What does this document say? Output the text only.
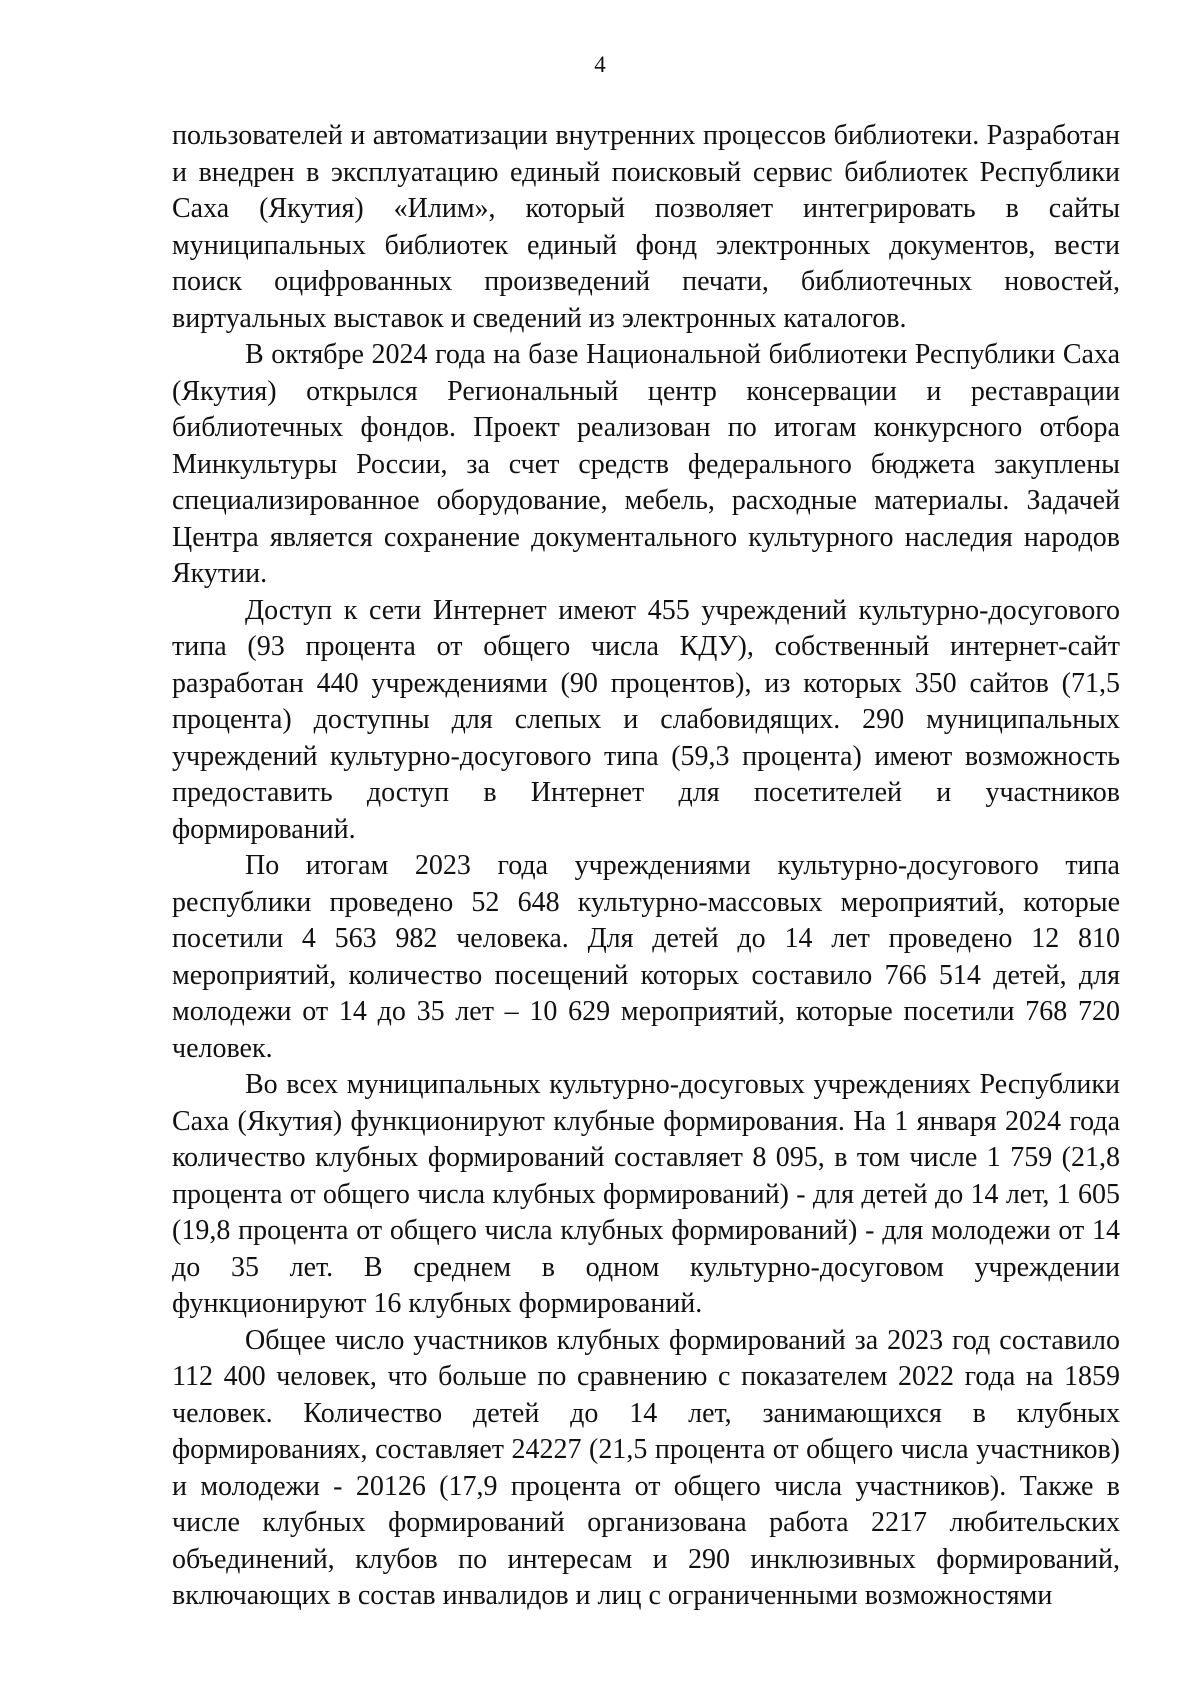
4

пользователей и автоматизации внутренних процессов библиотеки. Разработан и внедрен в эксплуатацию единый поисковый сервис библиотек Республики Саха (Якутия) «Илим», который позволяет интегрировать в сайты муниципальных библиотек единый фонд электронных документов, вести поиск оцифрованных произведений печати, библиотечных новостей, виртуальных выставок и сведений из электронных каталогов.

В октябре 2024 года на базе Национальной библиотеки Республики Саха (Якутия) открылся Региональный центр консервации и реставрации библиотечных фондов. Проект реализован по итогам конкурсного отбора Минкультуры России, за счет средств федерального бюджета закуплены специализированное оборудование, мебель, расходные материалы. Задачей Центра является сохранение документального культурного наследия народов Якутии.

Доступ к сети Интернет имеют 455 учреждений культурно-досугового типа (93 процента от общего числа КДУ), собственный интернет-сайт разработан 440 учреждениями (90 процентов), из которых 350 сайтов (71,5 процента) доступны для слепых и слабовидящих. 290 муниципальных учреждений культурно-досугового типа (59,3 процента) имеют возможность предоставить доступ в Интернет для посетителей и участников формирований.

По итогам 2023 года учреждениями культурно-досугового типа республики проведено 52 648 культурно-массовых мероприятий, которые посетили 4 563 982 человека. Для детей до 14 лет проведено 12 810 мероприятий, количество посещений которых составило 766 514 детей, для молодежи от 14 до 35 лет – 10 629 мероприятий, которые посетили 768 720 человек.

Во всех муниципальных культурно-досуговых учреждениях Республики Саха (Якутия) функционируют клубные формирования. На 1 января 2024 года количество клубных формирований составляет 8 095, в том числе 1 759 (21,8 процента от общего числа клубных формирований) - для детей до 14 лет, 1 605 (19,8 процента от общего числа клубных формирований) - для молодежи от 14 до 35 лет. В среднем в одном культурно-досуговом учреждении функционируют 16 клубных формирований.

Общее число участников клубных формирований за 2023 год составило 112 400 человек, что больше по сравнению с показателем 2022 года на 1859 человек. Количество детей до 14 лет, занимающихся в клубных формированиях, составляет 24227 (21,5 процента от общего числа участников) и молодежи - 20126 (17,9 процента от общего числа участников). Также в числе клубных формирований организована работа 2217 любительских объединений, клубов по интересам и 290 инклюзивных формирований, включающих в состав инвалидов и лиц с ограниченными возможностями
